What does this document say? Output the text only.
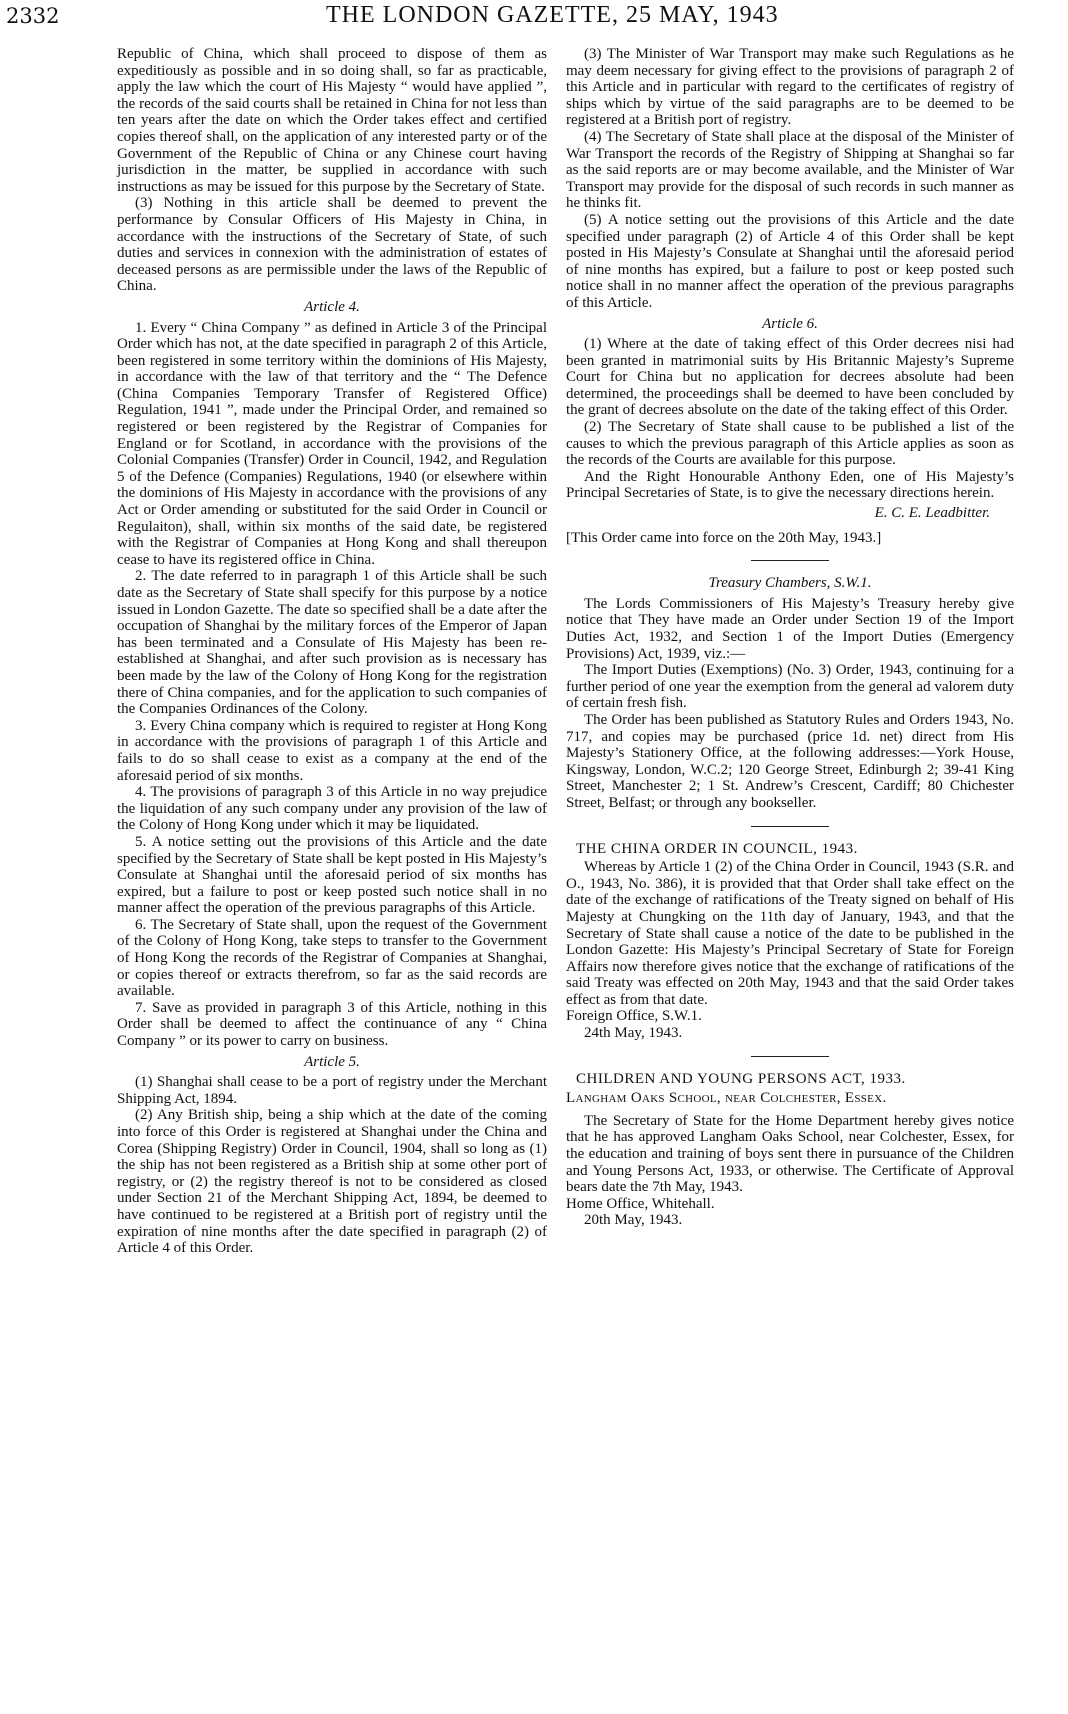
2332	THE LONDON GAZETTE, 25 MAY, 1943

Republic of China, which shall proceed to dispose of them as expeditiously as possible and in so doing shall, so far as practicable, apply the law which the court of His Majesty “ would have applied ”, the records of the said courts shall be retained in China for not less than ten years after the date on which the Order takes effect and certified copies thereof shall, on the application of any interested party or of the Government of the Republic of China or any Chinese court having jurisdiction in the matter, be supplied in accordance with such instructions as may be issued for this purpose by the Secretary of State.

(3) Nothing in this article shall be deemed to prevent the performance by Consular Officers of His Majesty in China, in accordance with the instructions of the Secretary of State, of such duties and services in connexion with the administration of estates of deceased persons as are permissible under the laws of the Republic of China.

Article 4.

1. Every “ China Company ” as defined in Article 3 of the Principal Order which has not, at the date specified in paragraph 2 of this Article, been registered in some territory within the dominions of His Majesty, in accordance with the law of that territory and the “ The Defence (China Companies Temporary Transfer of Registered Office) Regulation, 1941 ”, made under the Principal Order, and remained so registered or been registered by the Registrar of Companies for England or for Scotland, in accordance with the provisions of the Colonial Companies (Transfer) Order in Council, 1942, and Regulation 5 of the Defence (Companies) Regulations, 1940 (or elsewhere within the dominions of His Majesty in accordance with the provisions of any Act or Order amending or substituted for the said Order in Council or Regulaiton), shall, within six months of the said date, be registered with the Registrar of Companies at Hong Kong and shall thereupon cease to have its registered office in China.

2. The date referred to in paragraph 1 of this Article shall be such date as the Secretary of State shall specify for this purpose by a notice issued in London Gazette. The date so specified shall be a date after the occupation of Shanghai by the military forces of the Emperor of Japan has been terminated and a Consulate of His Majesty has been re-established at Shanghai, and after such provision as is necessary has been made by the law of the Colony of Hong Kong for the registration there of China companies, and for the application to such companies of the Companies Ordinances of the Colony.

3. Every China company which is required to register at Hong Kong in accordance with the provisions of paragraph 1 of this Article and fails to do so shall cease to exist as a company at the end of the aforesaid period of six months.

4. The provisions of paragraph 3 of this Article in no way prejudice the liquidation of any such company under any provision of the law of the Colony of Hong Kong under which it may be liquidated.

5. A notice setting out the provisions of this Article and the date specified by the Secretary of State shall be kept posted in His Majesty’s Consulate at Shanghai until the aforesaid period of six months has expired, but a failure to post or keep posted such notice shall in no manner affect the operation of the previous paragraphs of this Article.

6. The Secretary of State shall, upon the request of the Government of the Colony of Hong Kong, take steps to transfer to the Government of Hong Kong the records of the Registrar of Companies at Shanghai, or copies thereof or extracts therefrom, so far as the said records are available.

7. Save as provided in paragraph 3 of this Article, nothing in this Order shall be deemed to affect the continuance of any “ China Company ” or its power to carry on business.

Article 5.

(1) Shanghai shall cease to be a port of registry under the Merchant Shipping Act, 1894.

(2) Any British ship, being a ship which at the date of the coming into force of this Order is registered at Shanghai under the China and Corea (Shipping Registry) Order in Council, 1904, shall so long as (1) the ship has not been registered as a British ship at some other port of registry, or (2) the registry thereof is not to be considered as closed under Section 21 of the Merchant Shipping Act, 1894, be deemed to have continued to be registered at a British port of registry until the expiration of nine months after the date specified in paragraph (2) of Article 4 of this Order.

(3) The Minister of War Transport may make such Regulations as he may deem necessary for giving effect to the provisions of paragraph 2 of this Article and in particular with regard to the certificates of registry of ships which by virtue of the said paragraphs are to be deemed to be registered at a British port of registry.

(4) The Secretary of State shall place at the disposal of the Minister of War Transport the records of the Registry of Shipping at Shanghai so far as the said reports are or may become available, and the Minister of War Transport may provide for the disposal of such records in such manner as he thinks fit.

(5) A notice setting out the provisions of this Article and the date specified under paragraph (2) of Article 4 of this Order shall be kept posted in His Majesty’s Consulate at Shanghai until the aforesaid period of nine months has expired, but a failure to post or keep posted such notice shall in no manner affect the operation of the previous paragraphs of this Article.

Article 6.

(1) Where at the date of taking effect of this Order decrees nisi had been granted in matrimonial suits by His Britannic Majesty’s Supreme Court for China but no application for decrees absolute had been determined, the proceedings shall be deemed to have been concluded by the grant of decrees absolute on the date of the taking effect of this Order.

(2) The Secretary of State shall cause to be published a list of the causes to which the previous paragraph of this Article applies as soon as the records of the Courts are available for this purpose.

And the Right Honourable Anthony Eden, one of His Majesty’s Principal Secretaries of State, is to give the necessary directions herein.

E. C. E. Leadbitter.

[This Order came into force on the 20th May, 1943.]

Treasury Chambers, S.W.1.

The Lords Commissioners of His Majesty’s Treasury hereby give notice that They have made an Order under Section 19 of the Import Duties Act, 1932, and Section 1 of the Import Duties (Emergency Provisions) Act, 1939, viz.:—

The Import Duties (Exemptions) (No. 3) Order, 1943, continuing for a further period of one year the exemption from the general ad valorem duty of certain fresh fish.

The Order has been published as Statutory Rules and Orders 1943, No. 717, and copies may be purchased (price 1d. net) direct from His Majesty’s Stationery Office, at the following addresses:—York House, Kingsway, London, W.C.2; 120 George Street, Edinburgh 2; 39-41 King Street, Manchester 2; 1 St. Andrew’s Crescent, Cardiff; 80 Chichester Street, Belfast; or through any bookseller.

THE CHINA ORDER IN COUNCIL, 1943.

Whereas by Article 1 (2) of the China Order in Council, 1943 (S.R. and O., 1943, No. 386), it is provided that that Order shall take effect on the date of the exchange of ratifications of the Treaty signed on behalf of His Majesty at Chungking on the 11th day of January, 1943, and that the Secretary of State shall cause a notice of the date to be published in the London Gazette: His Majesty’s Principal Secretary of State for Foreign Affairs now therefore gives notice that the exchange of ratifications of the said Treaty was effected on 20th May, 1943 and that the said Order takes effect as from that date.

Foreign Office, S.W.1.

24th May, 1943.

CHILDREN AND YOUNG PERSONS ACT, 1933.

Langham Oaks School, near Colchester, Essex.

The Secretary of State for the Home Department hereby gives notice that he has approved Langham Oaks School, near Colchester, Essex, for the education and training of boys sent there in pursuance of the Children and Young Persons Act, 1933, or otherwise. The Certificate of Approval bears date the 7th May, 1943.

Home Office, Whitehall.

20th May, 1943.
